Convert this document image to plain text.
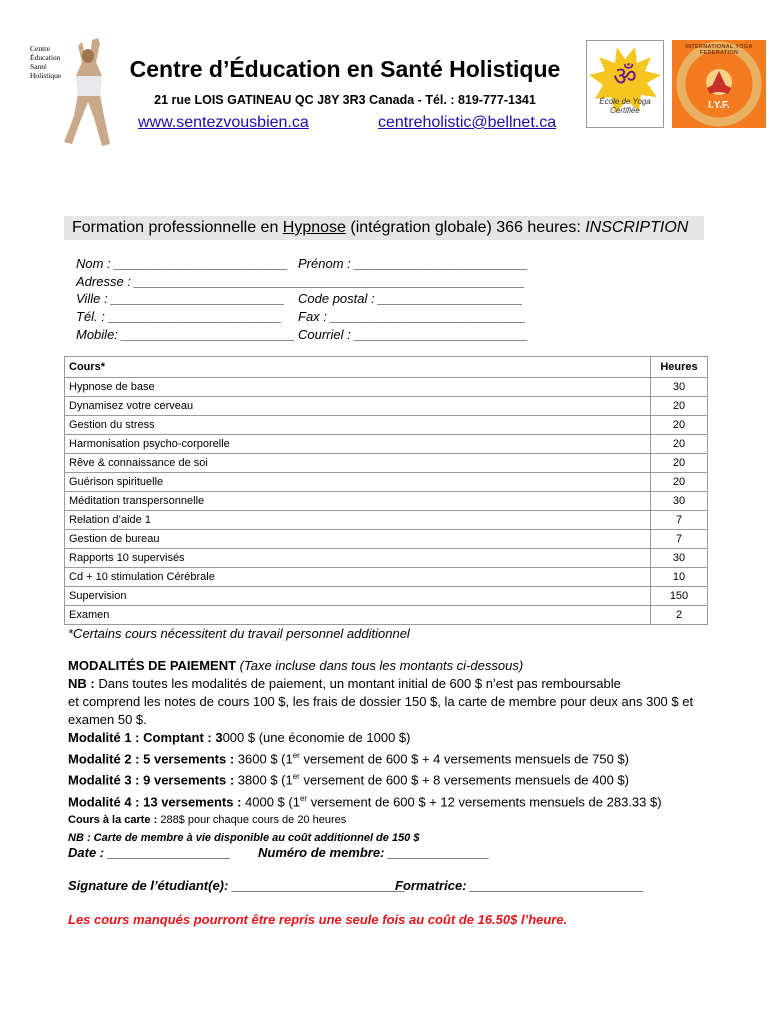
Centre
Éducation
Santé
Holistique	Centre d’Éducation en Santé Holistique
21 rue LOIS GATINEAU QC J8Y 3R3 Canada - Tél. : 819-777-1341
www.sentezvousbien.ca	centreholistic@bellnet.ca
ॐ
École de Yoga Certifiée
INTERNATIONAL YOGA FEDERATION
I.Y.F.
Formation professionnelle en Hypnose (intégration globale) 366 heures: INSCRIPTION
Nom : ________________________ Prénom : ________________________
Adresse : ______________________________________________________
Ville : ________________________ Code postal : ____________________
Tél. : ________________________ Fax : ___________________________
Mobile: ________________________ Courriel : ________________________
Cours*	Heures
Hypnose de base	30
Dynamisez votre cerveau	20
Gestion du stress	20
Harmonisation psycho-corporelle	20
Rêve & connaissance de soi	20
Guérison spirituelle	20
Méditation transpersonnelle	30
Relation d’aide 1	7
Gestion de bureau	7
Rapports 10 supervisés	30
Cd + 10 stimulation Cérébrale	10
Supervision	150
Examen	2
*Certains cours nécessitent du travail personnel additionnel
MODALITÉS DE PAIEMENT (Taxe incluse dans tous les montants ci-dessous)
NB : Dans toutes les modalités de paiement, un montant initial de 600 $ n’est pas remboursable
et comprend les notes de cours 100 $, les frais de dossier 150 $, la carte de membre pour deux ans 300 $ et examen 50 $.
Modalité 1 : Comptant : 3000 $ (une économie de 1000 $)
Modalité 2 : 5 versements : 3600 $ (1er versement de 600 $ + 4 versements mensuels de 750 $)
Modalité 3 : 9 versements : 3800 $ (1er versement de 600 $ + 8 versements mensuels de 400 $)
Modalité 4 : 13 versements : 4000 $ (1er versement de 600 $ + 12 versements mensuels de 283.33 $)
Cours à la carte : 288$ pour chaque cours de 20 heures
NB : Carte de membre à vie disponible au coût additionnel de 150 $
Date : _________________ Numéro de membre: ______________
Signature de l’étudiant(e): ________________________
Formatrice: ________________________
Les cours manqués pourront être repris une seule fois au coût de 16.50$ l’heure.
